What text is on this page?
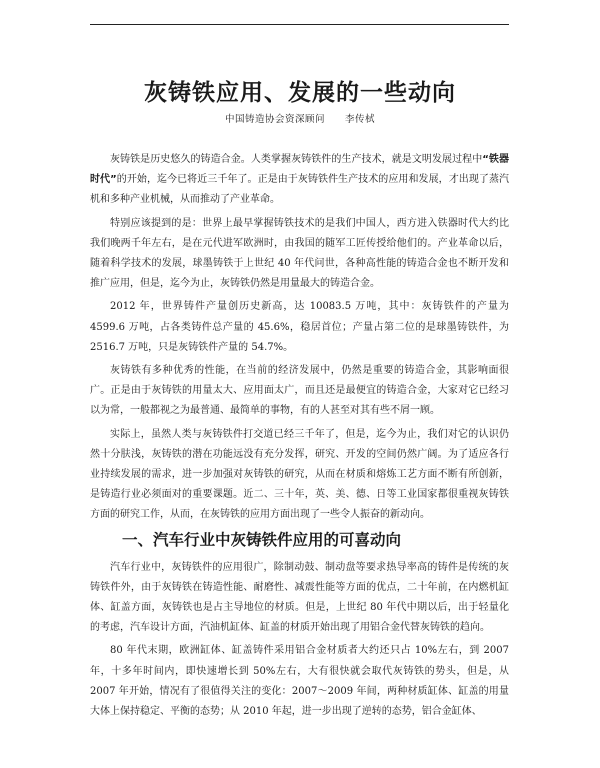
灰铸铁应用、发展的一些动向
中国铸造协会资深顾问 李传栻

灰铸铁是历史悠久的铸造合金。人类掌握灰铸铁件的生产技术，就是文明发展过程中“铁器时代”的开始，迄今已将近三千年了。正是由于灰铸铁件生产技术的应用和发展，才出现了蒸汽机和多种产业机械，从而推动了产业革命。

特别应该提到的是：世界上最早掌握铸铁技术的是我们中国人，西方进入铁器时代大约比我们晚两千年左右，是在元代进军欧洲时，由我国的随军工匠传授给他们的。产业革命以后，随着科学技术的发展，球墨铸铁于上世纪 40 年代问世，各种高性能的铸造合金也不断开发和推广应用，但是，迄今为止，灰铸铁仍然是用量最大的铸造合金。

2012 年，世界铸件产量创历史新高，达 10083.5 万吨，其中：灰铸铁件的产量为 4599.6 万吨，占各类铸件总产量的 45.6%，稳居首位；产量占第二位的是球墨铸铁件，为 2516.7 万吨，只是灰铸铁件产量的 54.7%。

灰铸铁有多种优秀的性能，在当前的经济发展中，仍然是重要的铸造合金，其影响面很广。正是由于灰铸铁的用量太大、应用面太广，而且还是最便宜的铸造合金，大家对它已经习以为常，一般都视之为最普通、最简单的事物，有的人甚至对其有些不屑一顾。

实际上，虽然人类与灰铸铁件打交道已经三千年了，但是，迄今为止，我们对它的认识仍然十分肤浅，灰铸铁的潜在功能远没有充分发挥，研究、开发的空间仍然广阔。为了适应各行业持续发展的需求，进一步加强对灰铸铁的研究，从而在材质和熔炼工艺方面不断有所创新，是铸造行业必须面对的重要课题。近二、三十年，英、美、德、日等工业国家都很重视灰铸铁方面的研究工作，从而，在灰铸铁的应用方面出现了一些令人振奋的新动向。

一、汽车行业中灰铸铁件应用的可喜动向

汽车行业中，灰铸铁件的应用很广，除制动鼓、制动盘等要求热导率高的铸件是传统的灰铸铁件外，由于灰铸铁在铸造性能、耐磨性、减震性能等方面的优点，二十年前，在内燃机缸体、缸盖方面，灰铸铁也是占主导地位的材质。但是，上世纪 80 年代中期以后，出于轻量化的考虑，汽车设计方面，汽油机缸体、缸盖的材质开始出现了用铝合金代替灰铸铁的趋向。

80 年代末期，欧洲缸体、缸盖铸件采用铝合金材质者大约还只占 10%左右，到 2007 年，十多年时间内，即快速增长到 50%左右，大有很快就会取代灰铸铁的势头，但是，从 2007 年开始，情况有了很值得关注的变化：2007～2009 年间，两种材质缸体、缸盖的用量大体上保持稳定、平衡的态势；从 2010 年起，进一步出现了逆转的态势，铝合金缸体、
